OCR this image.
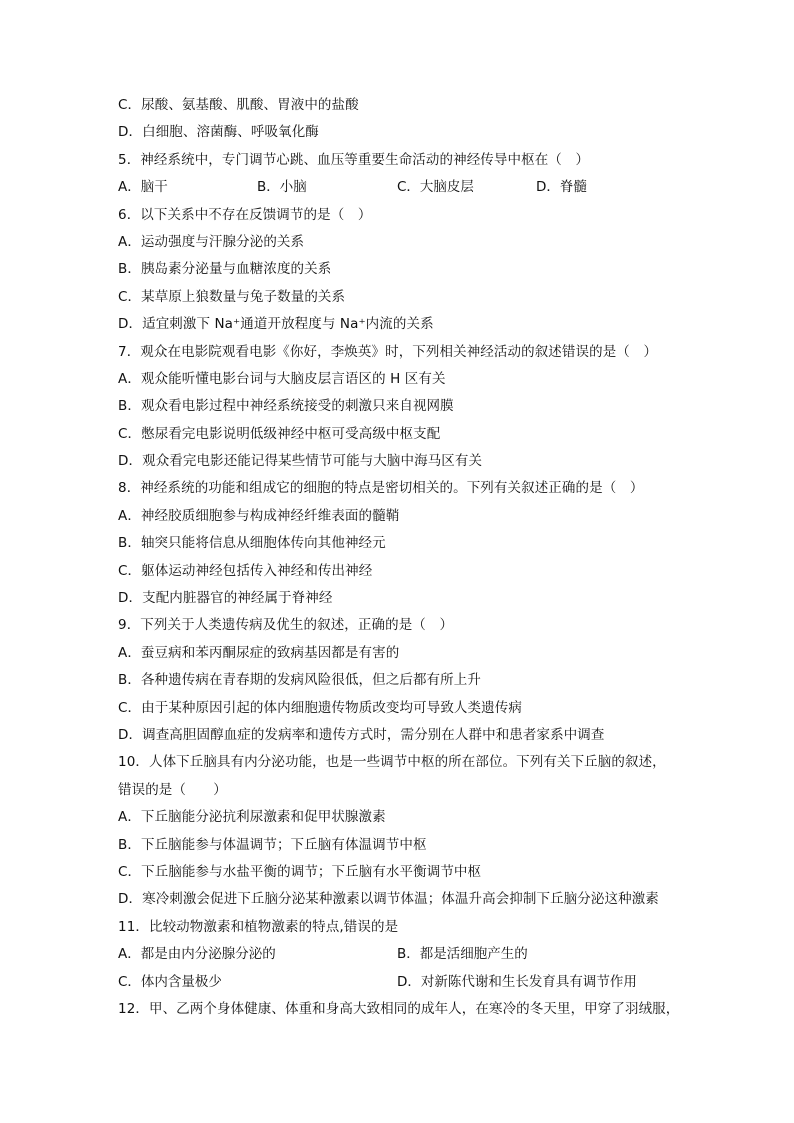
C．尿酸、氨基酸、肌酸、胃液中的盐酸
D．白细胞、溶菌酶、呼吸氧化酶
5．神经系统中，专门调节心跳、血压等重要生命活动的神经传导中枢在（　）
A．脑干	B．小脑	C．大脑皮层	D．脊髓
6．以下关系中不存在反馈调节的是（　）
A．运动强度与汗腺分泌的关系
B．胰岛素分泌量与血糖浓度的关系
C．某草原上狼数量与兔子数量的关系
D．适宜刺激下 Na⁺通道开放程度与 Na⁺内流的关系
7．观众在电影院观看电影《你好，李焕英》时，下列相关神经活动的叙述错误的是（　）
A．观众能听懂电影台词与大脑皮层言语区的 H 区有关
B．观众看电影过程中神经系统接受的刺激只来自视网膜
C．憋尿看完电影说明低级神经中枢可受高级中枢支配
D．观众看完电影还能记得某些情节可能与大脑中海马区有关
8．神经系统的功能和组成它的细胞的特点是密切相关的。下列有关叙述正确的是（　）
A．神经胶质细胞参与构成神经纤维表面的髓鞘
B．轴突只能将信息从细胞体传向其他神经元
C．躯体运动神经包括传入神经和传出神经
D．支配内脏器官的神经属于脊神经
9．下列关于人类遗传病及优生的叙述，正确的是（　）
A．蚕豆病和苯丙酮尿症的致病基因都是有害的
B．各种遗传病在青春期的发病风险很低，但之后都有所上升
C．由于某种原因引起的体内细胞遗传物质改变均可导致人类遗传病
D．调查高胆固醇血症的发病率和遗传方式时，需分别在人群中和患者家系中调查
10．人体下丘脑具有内分泌功能，也是一些调节中枢的所在部位。下列有关下丘脑的叙述，
错误的是（　　）
A．下丘脑能分泌抗利尿激素和促甲状腺激素
B．下丘脑能参与体温调节；下丘脑有体温调节中枢
C．下丘脑能参与水盐平衡的调节；下丘脑有水平衡调节中枢
D．寒冷刺激会促进下丘脑分泌某种激素以调节体温；体温升高会抑制下丘脑分泌这种激素
11．比较动物激素和植物激素的特点,错误的是
A．都是由内分泌腺分泌的	B．都是活细胞产生的
C．体内含量极少	D．对新陈代谢和生长发育具有调节作用
12．甲、乙两个身体健康、体重和身高大致相同的成年人，在寒冷的冬天里，甲穿了羽绒服，
